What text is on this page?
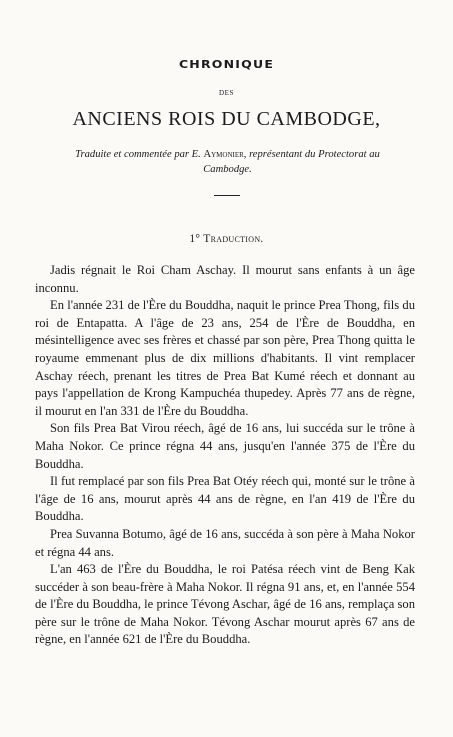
CHRONIQUE
DES
ANCIENS ROIS DU CAMBODGE,
Traduite et commentée par E. Aymonier, représentant du Protectorat au Cambodge.
1° Traduction.

Jadis régnait le Roi Cham Aschay. Il mourut sans enfants à un âge inconnu.

En l'année 231 de l'Ère du Bouddha, naquit le prince Prea Thong, fils du roi de Entapatta. A l'âge de 23 ans, 254 de l'Ère de Bouddha, en mésintelligence avec ses frères et chassé par son père, Prea Thong quitta le royaume emmenant plus de dix millions d'habitants. Il vint remplacer Aschay réech, prenant les titres de Prea Bat Kumé réech et donnant au pays l'appellation de Krong Kampuchéa thupedey. Après 77 ans de règne, il mourut en l'an 331 de l'Ère du Bouddha.

Son fils Prea Bat Virou réech, âgé de 16 ans, lui succéda sur le trône à Maha Nokor. Ce prince régna 44 ans, jusqu'en l'année 375 de l'Ère du Bouddha.

Il fut remplacé par son fils Prea Bat Otéy réech qui, monté sur le trône à l'âge de 16 ans, mourut après 44 ans de règne, en l'an 419 de l'Ère du Bouddha.

Prea Suvanna Botumo, âgé de 16 ans, succéda à son père à Maha Nokor et régna 44 ans.

L'an 463 de l'Ère du Bouddha, le roi Patésa réech vint de Beng Kak succéder à son beau-frère à Maha Nokor. Il régna 91 ans, et, en l'année 554 de l'Ère du Bouddha, le prince Tévong Aschar, âgé de 16 ans, remplaça son père sur le trône de Maha Nokor. Tévong Aschar mourut après 67 ans de règne, en l'année 621 de l'Ère du Bouddha.
